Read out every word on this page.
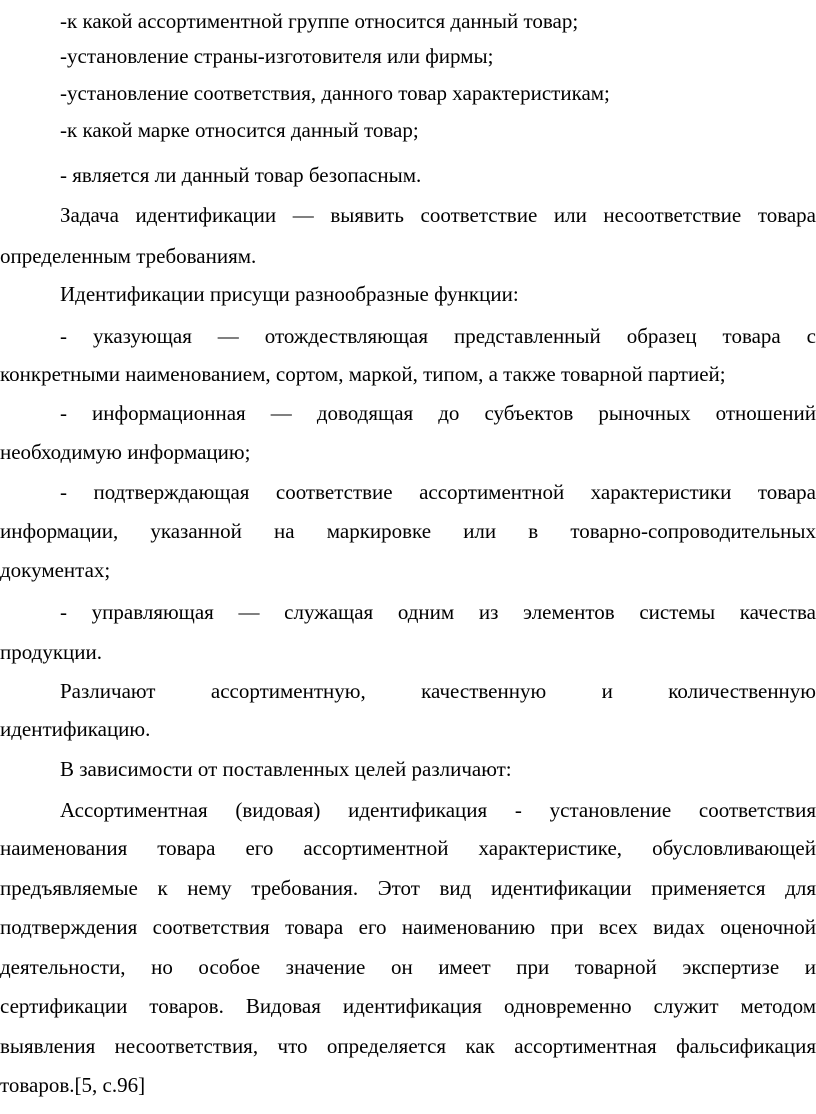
-к какой ассортиментной группе относится данный товар;
-установление страны-изготовителя или фирмы;
-установление соответствия, данного товар характеристикам;
-к какой марке относится данный товар;
- является ли данный товар безопасным.
Задача идентификации — выявить соответствие или несоответствие товара
определенным требованиям.
Идентификации присущи разнообразные функции:
- указующая — отождествляющая представленный образец товара с
конкретными наименованием, сортом, маркой, типом, а также товарной партией;
- информационная — доводящая до субъектов рыночных отношений
необходимую информацию;
- подтверждающая соответствие ассортиментной характеристики товара
информации, указанной на маркировке или в товарно-сопроводительных
документах;
- управляющая — служащая одним из элементов системы качества
продукции.
Различают ассортиментную, качественную и количественную
идентификацию.
В зависимости от поставленных целей различают:
Ассортиментная (видовая) идентификация - установление соответствия
наименования товара его ассортиментной характеристике, обусловливающей
предъявляемые к нему требования. Этот вид идентификации применяется для
подтверждения соответствия товара его наименованию при всех видах оценочной
деятельности, но особое значение он имеет при товарной экспертизе и
сертификации товаров. Видовая идентификация одновременно служит методом
выявления несоответствия, что определяется как ассортиментная фальсификация
товаров.[5, с.96]
